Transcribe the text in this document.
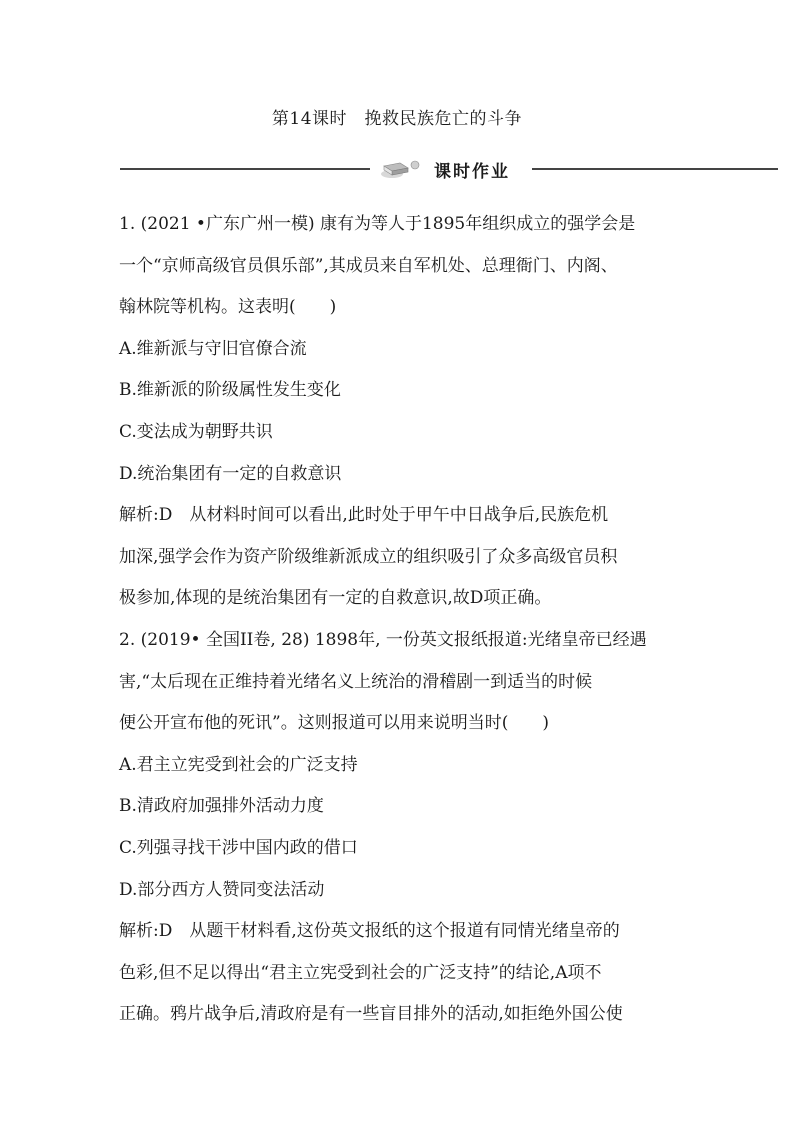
第14课时　挽救民族危亡的斗争
课时作业

1. (2021 •广东广州一模) 康有为等人于1895年组织成立的强学会是

一个“京师高级官员俱乐部”,其成员来自军机处、总理衙门、内阁、

翰林院等机构。这表明(　　)

A.维新派与守旧官僚合流

B.维新派的阶级属性发生变化

C.变法成为朝野共识

D.统治集团有一定的自救意识

解析:D　从材料时间可以看出,此时处于甲午中日战争后,民族危机

加深,强学会作为资产阶级维新派成立的组织吸引了众多高级官员积

极参加,体现的是统治集团有一定的自救意识,故D项正确。

2. (2019• 全国II卷, 28) 1898年, 一份英文报纸报道:光绪皇帝已经遇

害,“太后现在正维持着光绪名义上统治的滑稽剧一到适当的时候

便公开宣布他的死讯”。这则报道可以用来说明当时(　　)

A.君主立宪受到社会的广泛支持

B.清政府加强排外活动力度

C.列强寻找干涉中国内政的借口

D.部分西方人赞同变法活动

解析:D　从题干材料看,这份英文报纸的这个报道有同情光绪皇帝的

色彩,但不足以得出“君主立宪受到社会的广泛支持”的结论,A项不

正确。鸦片战争后,清政府是有一些盲目排外的活动,如拒绝外国公使
